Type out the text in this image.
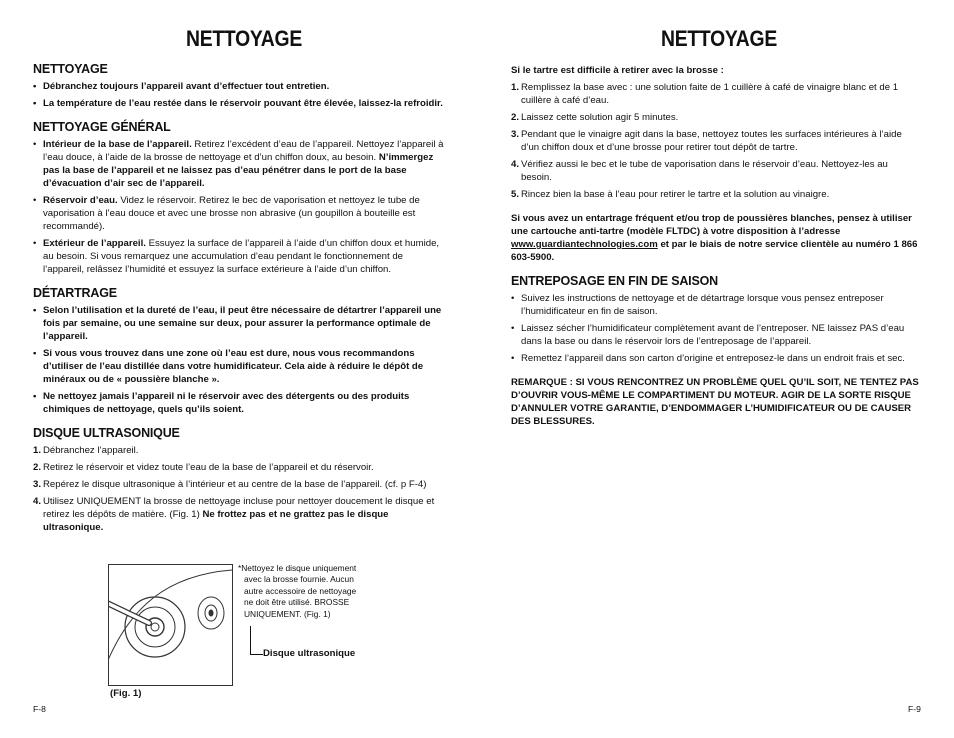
NETTOYAGE
NETTOYAGE
• Débranchez toujours l’appareil avant d’effectuer tout entretien.
• La température de l’eau restée dans le réservoir pouvant être élevée, laissez-la refroidir.
NETTOYAGE GÉNÉRAL
• Intérieur de la base de l’appareil. Retirez l’excédent d’eau de l’appareil. Nettoyez l’appareil à l’eau douce, à l’aide de la brosse de nettoyage et d’un chiffon doux, au besoin. N’immergez pas la base de l’appareil et ne laissez pas d’eau pénétrer dans le port de la base d’évacuation d’air sec de l’appareil.
• Réservoir d’eau. Videz le réservoir. Retirez le bec de vaporisation et nettoyez le tube de vaporisation à l’eau douce et avec une brosse non abrasive (un goupillon à bouteille est recommandé).
• Extérieur de l’appareil. Essuyez la surface de l’appareil à l’aide d’un chiffon doux et humide, au besoin. Si vous remarquez une accumulation d’eau pendant le fonctionnement de l’appareil, relâssez l’humidité et essuyez la surface extérieure à l’aide d’un chiffon.
DÉTARTRAGE
• Selon l’utilisation et la dureté de l’eau, il peut être nécessaire de détartrer l’appareil une fois par semaine, ou une semaine sur deux, pour assurer la performance optimale de l’appareil.
• Si vous vous trouvez dans une zone où l’eau est dure, nous vous recommandons d’utiliser de l’eau distillée dans votre humidificateur. Cela aide à réduire le dépôt de minéraux ou de « poussière blanche ».
• Ne nettoyez jamais l’appareil ni le réservoir avec des détergents ou des produits chimiques de nettoyage, quels qu’ils soient.
DISQUE ULTRASONIQUE
1. Débranchez l’appareil.
2. Retirez le réservoir et videz toute l’eau de la base de l’appareil et du réservoir.
3. Repérez le disque ultrasonique à l’intérieur et au centre de la base de l’appareil. (cf. p F-4)
4. Utilisez UNIQUEMENT la brosse de nettoyage incluse pour nettoyer doucement le disque et retirez les dépôts de matière. (Fig. 1) Ne frottez pas et ne grattez pas le disque ultrasonique.
*Nettoyez le disque uniquement
avec la brosse fournie. Aucun
autre accessoire de nettoyage
ne doit être utilisé. BROSSE
UNIQUEMENT. (Fig. 1)
Disque ultrasonique
(Fig. 1)
F-8
NETTOYAGE

Si le tartre est difficile à retirer avec la brosse :

1. Remplissez la base avec : une solution faite de 1 cuillère à café de vinaigre blanc et de 1 cuillère à café d’eau.
2. Laissez cette solution agir 5 minutes.
3. Pendant que le vinaigre agit dans la base, nettoyez toutes les surfaces intérieures à l’aide d’un chiffon doux et d’une brosse pour retirer tout dépôt de tartre.
4. Vérifiez aussi le bec et le tube de vaporisation dans le réservoir d’eau. Nettoyez-les au besoin.
5. Rincez bien la base à l’eau pour retirer le tartre et la solution au vinaigre.

Si vous avez un entartrage fréquent et/ou trop de poussières blanches, pensez à utiliser une cartouche anti-tartre (modèle FLTDC) à votre disposition à l’adresse www.guardiantechnologies.com et par le biais de notre service clientèle au numéro 1 866 603-5900.

ENTREPOSAGE EN FIN DE SAISON
• Suivez les instructions de nettoyage et de détartrage lorsque vous pensez entreposer l’humidificateur en fin de saison.
• Laissez sécher l’humidificateur complètement avant de l’entreposer. NE laissez PAS d’eau dans la base ou dans le réservoir lors de l’entreposage de l’appareil.
• Remettez l’appareil dans son carton d’origine et entreposez-le dans un endroit frais et sec.

REMARQUE : SI VOUS RENCONTREZ UN PROBLÈME QUEL QU’IL SOIT, NE TENTEZ PAS D’OUVRIR VOUS-MÊME LE COMPARTIMENT DU MOTEUR. AGIR DE LA SORTE RISQUE D’ANNULER VOTRE GARANTIE, D’ENDOMMAGER L’HUMIDIFICATEUR OU DE CAUSER DES BLESSURES.

F-9
